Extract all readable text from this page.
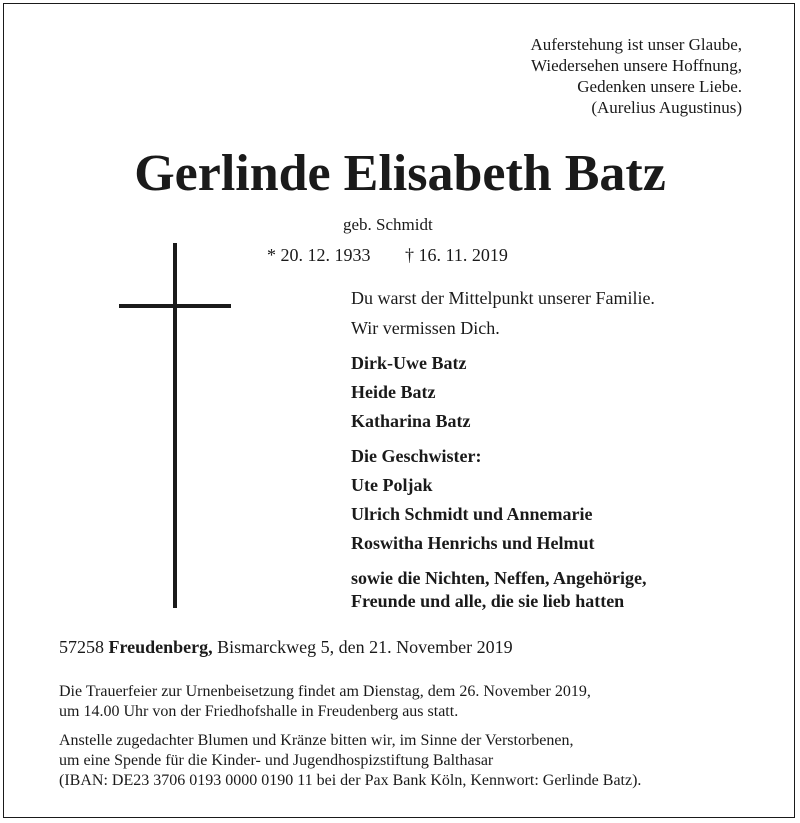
Auferstehung ist unser Glaube,
Wiedersehen unsere Hoffnung,
Gedenken unsere Liebe.
(Aurelius Augustinus)
Gerlinde Elisabeth Batz
geb. Schmidt
* 20. 12. 1933 † 16. 11. 2019
Du warst der Mittelpunkt unserer Familie.
Wir vermissen Dich.
Dirk-Uwe Batz
Heide Batz
Katharina Batz
Die Geschwister:
Ute Poljak
Ulrich Schmidt und Annemarie
Roswitha Henrichs und Helmut
sowie die Nichten, Neffen, Angehörige,
Freunde und alle, die sie lieb hatten
57258 Freudenberg, Bismarckweg 5, den 21. November 2019
Die Trauerfeier zur Urnenbeisetzung findet am Dienstag, dem 26. November 2019,
um 14.00 Uhr von der Friedhofshalle in Freudenberg aus statt.
Anstelle zugedachter Blumen und Kränze bitten wir, im Sinne der Verstorbenen,
um eine Spende für die Kinder- und Jugendhospizstiftung Balthasar
(IBAN: DE23 3706 0193 0000 0190 11 bei der Pax Bank Köln, Kennwort: Gerlinde Batz).
